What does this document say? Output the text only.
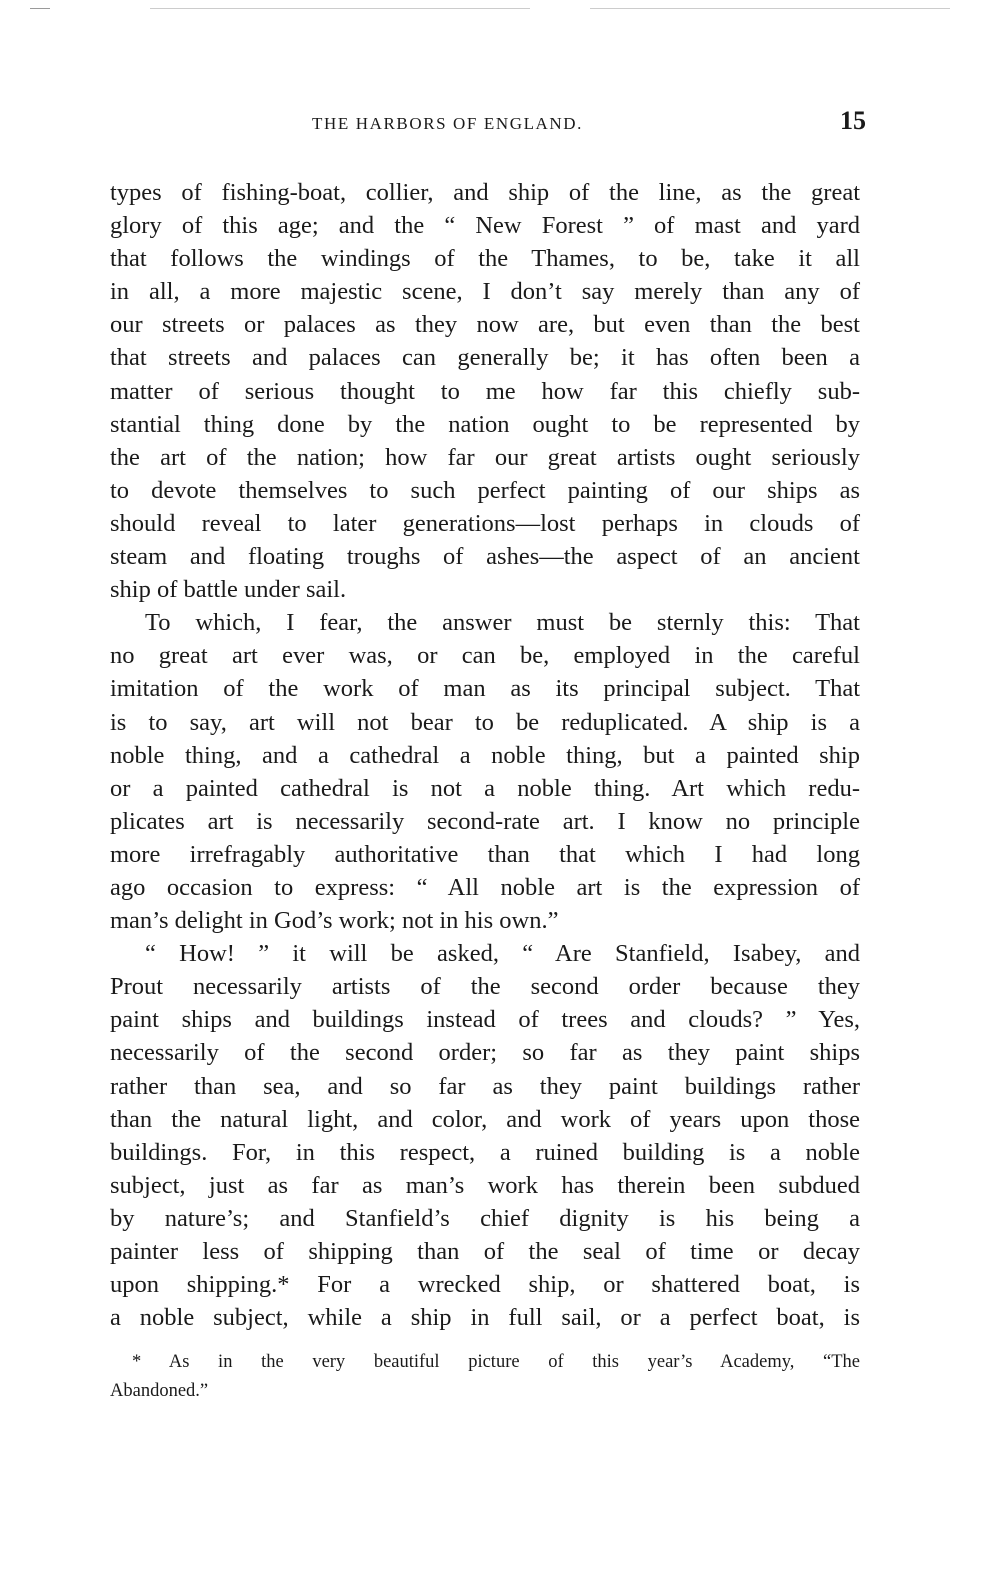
THE HARBORS OF ENGLAND.	15
types of fishing-boat, collier, and ship of the line, as the great
glory of this age; and the “ New Forest ” of mast and yard
that follows the windings of the Thames, to be, take it all
in all, a more majestic scene, I don’t say merely than any of
our streets or palaces as they now are, but even than the best
that streets and palaces can generally be; it has often been a
matter of serious thought to me how far this chiefly sub-
stantial thing done by the nation ought to be represented by
the art of the nation; how far our great artists ought seriously
to devote themselves to such perfect painting of our ships as
should reveal to later generations—lost perhaps in clouds of
steam and floating troughs of ashes—the aspect of an ancient
ship of battle under sail.
To which, I fear, the answer must be sternly this: That
no great art ever was, or can be, employed in the careful
imitation of the work of man as its principal subject. That
is to say, art will not bear to be reduplicated. A ship is a
noble thing, and a cathedral a noble thing, but a painted ship
or a painted cathedral is not a noble thing. Art which redu-
plicates art is necessarily second-rate art. I know no principle
more irrefragably authoritative than that which I had long
ago occasion to express: “ All noble art is the expression of
man’s delight in God’s work; not in his own.”
“ How! ” it will be asked, “ Are Stanfield, Isabey, and
Prout necessarily artists of the second order because they
paint ships and buildings instead of trees and clouds? ” Yes,
necessarily of the second order; so far as they paint ships
rather than sea, and so far as they paint buildings rather
than the natural light, and color, and work of years upon those
buildings. For, in this respect, a ruined building is a noble
subject, just as far as man’s work has therein been subdued
by nature’s; and Stanfield’s chief dignity is his being a
painter less of shipping than of the seal of time or decay
upon shipping.* For a wrecked ship, or shattered boat, is
a noble subject, while a ship in full sail, or a perfect boat, is
* As in the very beautiful picture of this year’s Academy, “The
Abandoned.”
